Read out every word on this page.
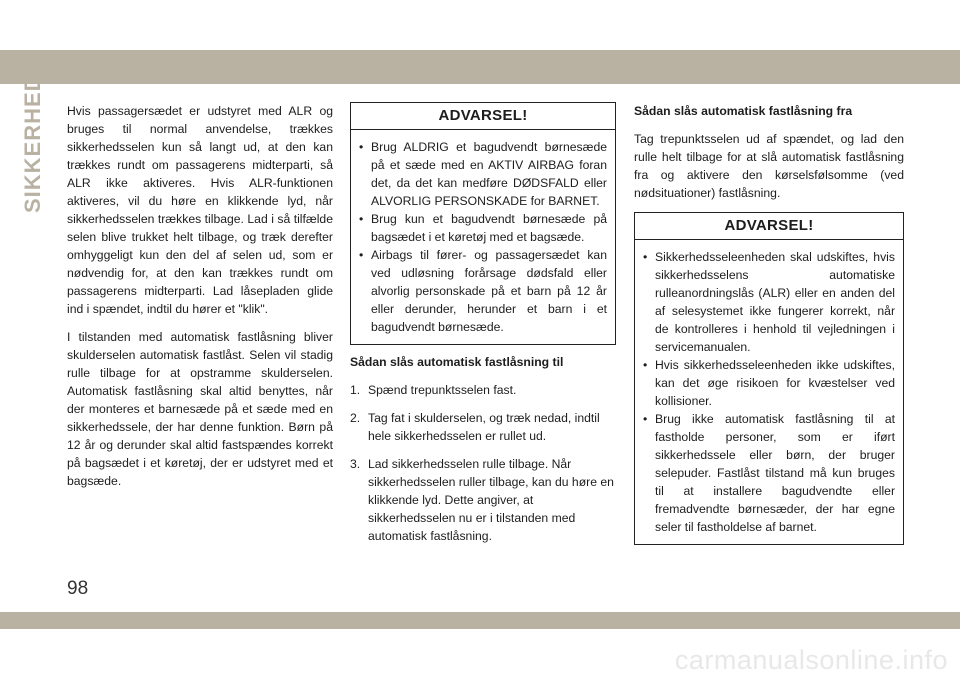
SIKKERHED Hvis passagersædet er udstyret med ALR og bruges til normal anvendelse, trækkes sikkerhedsselen kun så langt ud, at den kan trækkes rundt om passagerens midterparti, så ALR ikke aktiveres. Hvis ALR-funktionen aktiveres, vil du høre en klikkende lyd, når sikkerhedsselen trækkes tilbage. Lad i så tilfælde selen blive trukket helt tilbage, og træk derefter omhyggeligt kun den del af selen ud, som er nødvendig for, at den kan trækkes rundt om passagerens midterparti. Lad låsepladen glide ind i spændet, indtil du hører et "klik".

I tilstanden med automatisk fastlåsning bliver skulderselen automatisk fastlåst. Selen vil stadig rulle tilbage for at opstramme skulderselen. Automatisk fastlåsning skal altid benyttes, når der monteres et barnesæde på et sæde med en sikkerhedssele, der har denne funktion. Børn på 12 år og derunder skal altid fastspændes korrekt på bagsædet i et køretøj, der er udstyret med et bagsæde.

ADVARSEL!
• Brug ALDRIG et bagudvendt børnesæde på et sæde med en AKTIV AIRBAG foran det, da det kan medføre DØDSFALD eller ALVORLIG PERSONSKADE for BARNET.
• Brug kun et bagudvendt børnesæde på bagsædet i et køretøj med et bagsæde.
• Airbags til fører- og passagersædet kan ved udløsning forårsage dødsfald eller alvorlig personskade på et barn på 12 år eller derunder, herunder et barn i et bagudvendt børnesæde.
Sådan slås automatisk fastlåsning til
1. Spænd trepunktsselen fast.
2. Tag fat i skulderselen, og træk nedad, indtil hele sikkerhedsselen er rullet ud.
3. Lad sikkerhedsselen rulle tilbage. Når sikkerhedsselen ruller tilbage, kan du høre en klikkende lyd. Dette angiver, at sikkerhedsselen nu er i tilstanden med automatisk fastlåsning.
Sådan slås automatisk fastlåsning fra

Tag trepunktsselen ud af spændet, og lad den rulle helt tilbage for at slå automatisk fastlåsning fra og aktivere den kørselsfølsomme (ved nødsituationer) fastlåsning.

ADVARSEL!
• Sikkerhedsseleenheden skal udskiftes, hvis sikkerhedsselens automatiske rulleanordningslås (ALR) eller en anden del af selesystemet ikke fungerer korrekt, når de kontrolleres i henhold til vejledningen i servicemanualen.
• Hvis sikkerhedsseleenheden ikke udskiftes, kan det øge risikoen for kvæstelser ved kollisioner.
• Brug ikke automatisk fastlåsning til at fastholde personer, som er iført sikkerhedssele eller børn, der bruger selepuder. Fastlåst tilstand må kun bruges til at installere bagudvendte eller fremadvendte børnesæder, der har egne seler til fastholdelse af barnet.
98
carmanualsonline.info
